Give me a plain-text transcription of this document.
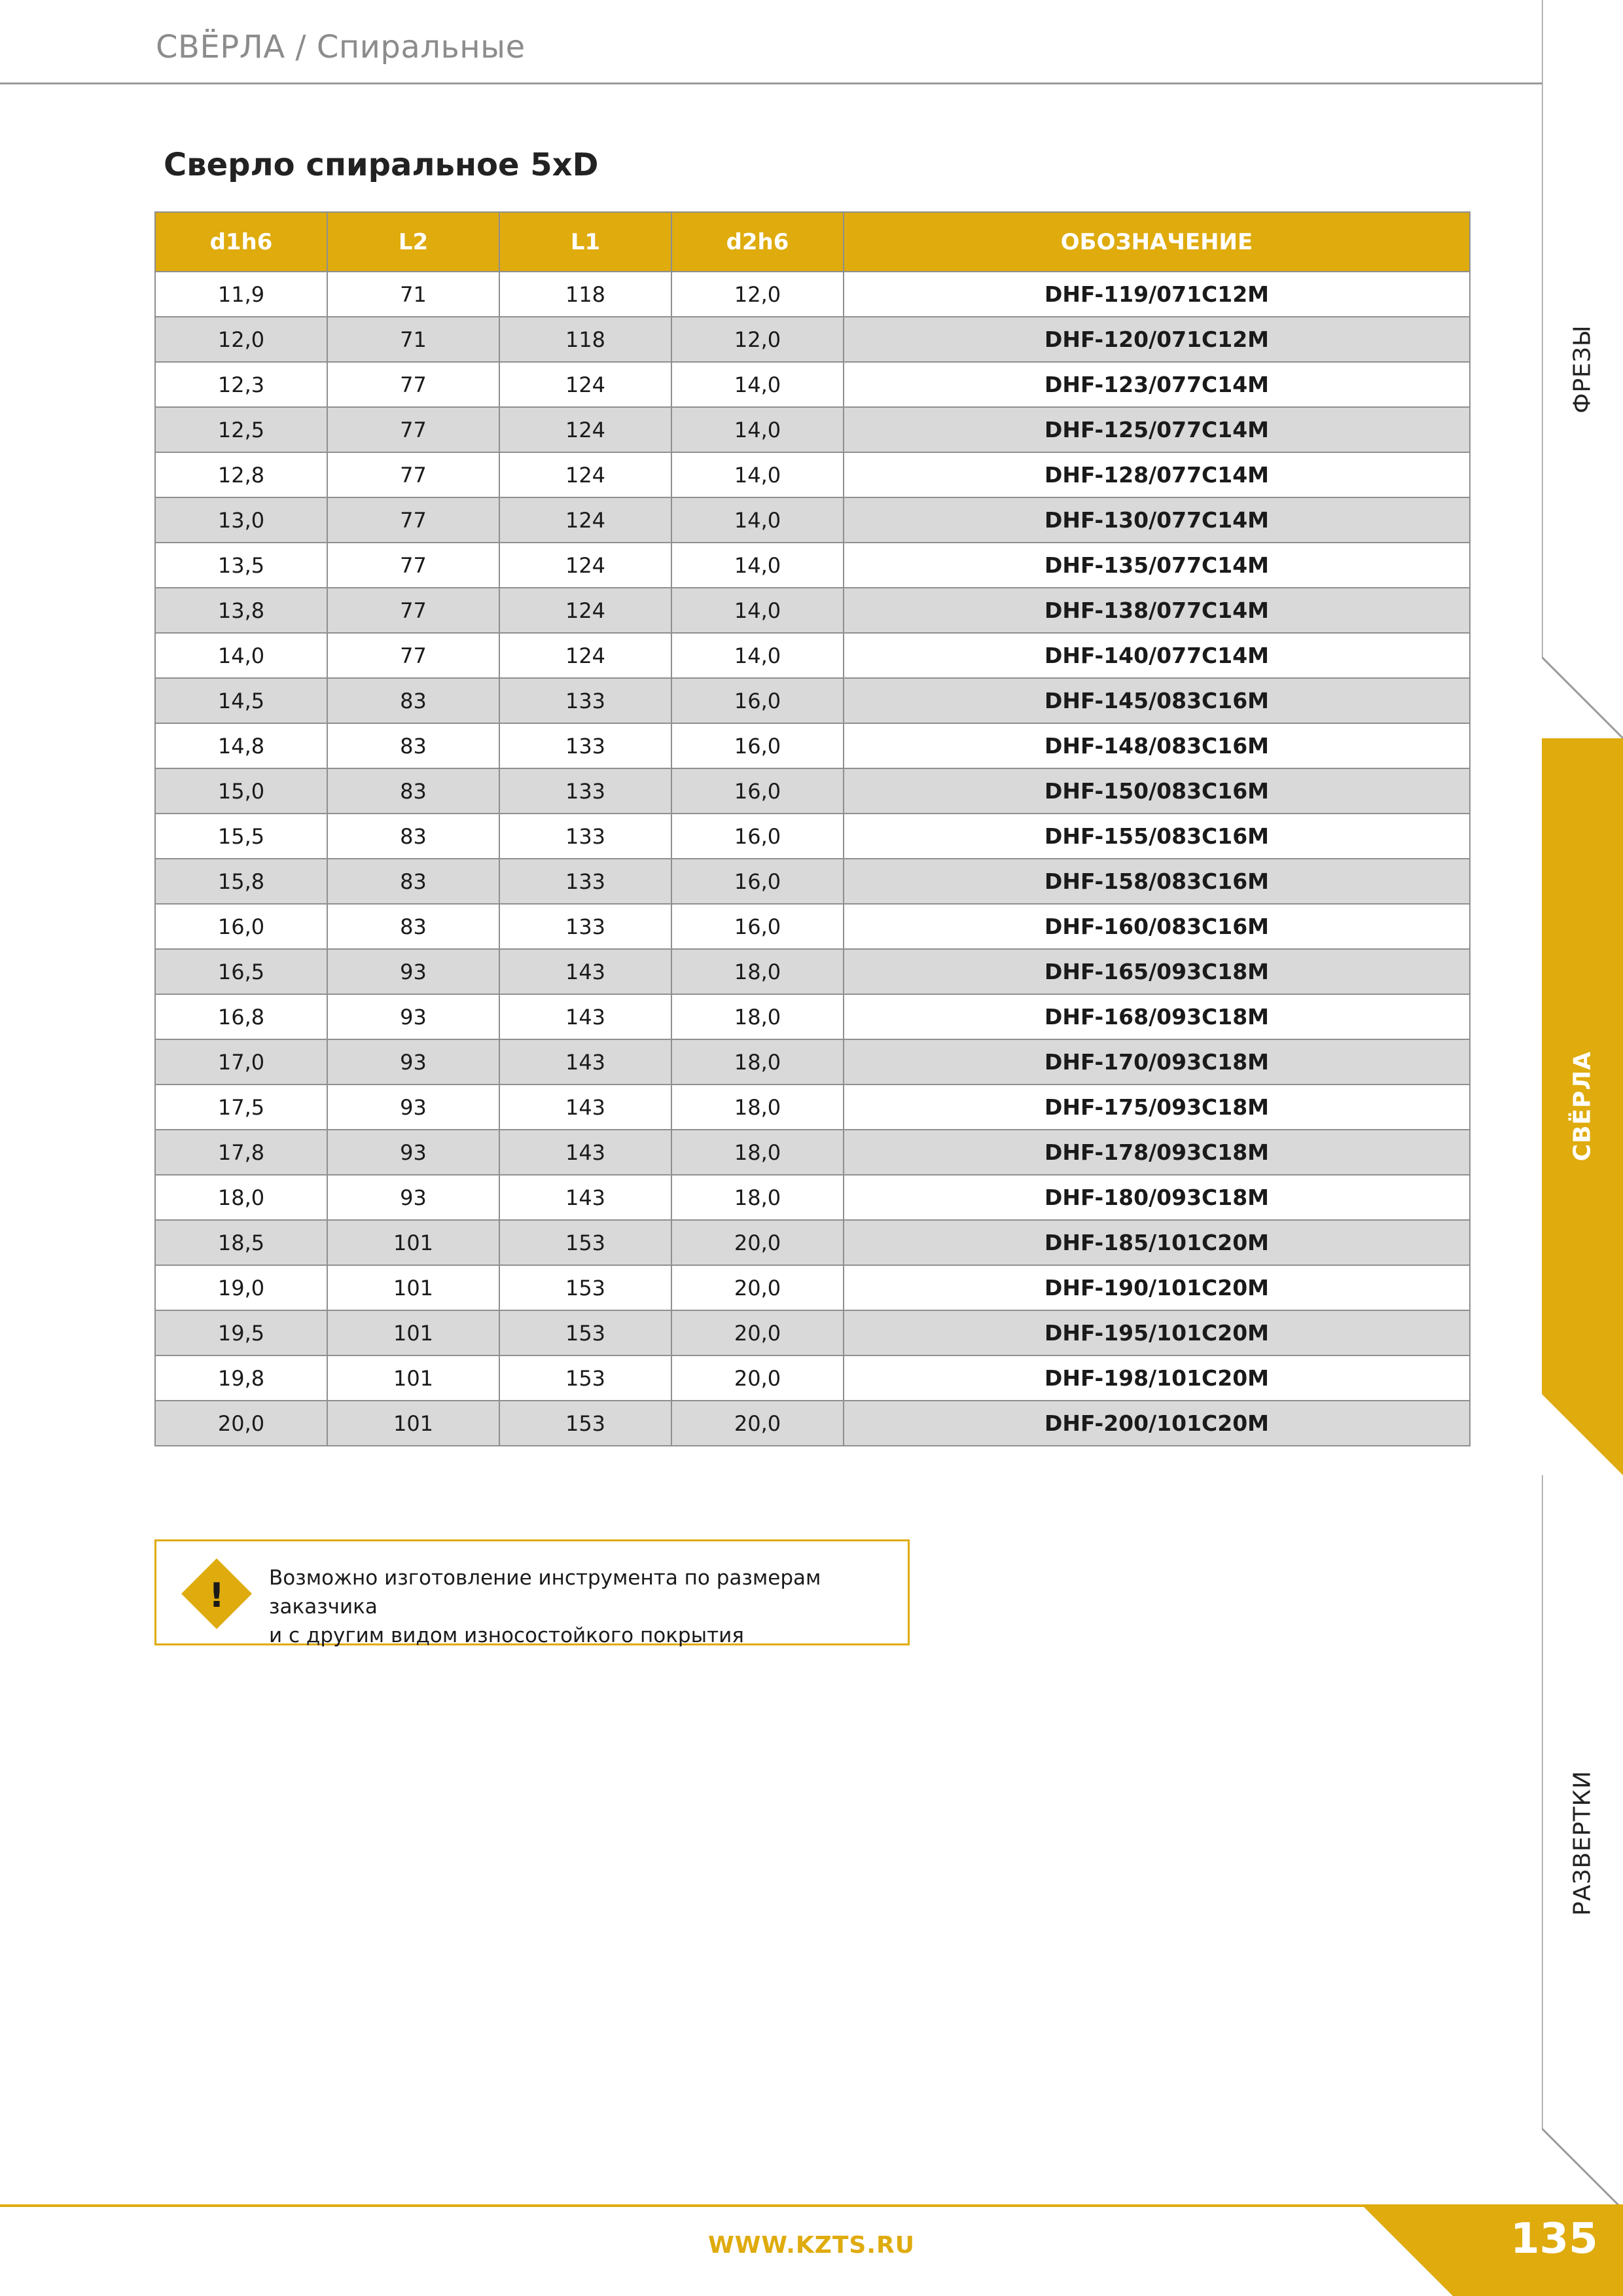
СВЁРЛА / Спиральные
Сверло спиральное 5xD
d1h6	L2	L1	d2h6	ОБОЗНАЧЕНИЕ
11,9	71	118	12,0	DHF-119/071C12M
12,0	71	118	12,0	DHF-120/071C12M
12,3	77	124	14,0	DHF-123/077C14M
12,5	77	124	14,0	DHF-125/077C14M
12,8	77	124	14,0	DHF-128/077C14M
13,0	77	124	14,0	DHF-130/077C14M
13,5	77	124	14,0	DHF-135/077C14M
13,8	77	124	14,0	DHF-138/077C14M
14,0	77	124	14,0	DHF-140/077C14M
14,5	83	133	16,0	DHF-145/083C16M
14,8	83	133	16,0	DHF-148/083C16M
15,0	83	133	16,0	DHF-150/083C16M
15,5	83	133	16,0	DHF-155/083C16M
15,8	83	133	16,0	DHF-158/083C16M
16,0	83	133	16,0	DHF-160/083C16M
16,5	93	143	18,0	DHF-165/093C18M
16,8	93	143	18,0	DHF-168/093C18M
17,0	93	143	18,0	DHF-170/093C18M
17,5	93	143	18,0	DHF-175/093C18M
17,8	93	143	18,0	DHF-178/093C18M
18,0	93	143	18,0	DHF-180/093C18M
18,5	101	153	20,0	DHF-185/101C20M
19,0	101	153	20,0	DHF-190/101C20M
19,5	101	153	20,0	DHF-195/101C20M
19,8	101	153	20,0	DHF-198/101C20M
20,0	101	153	20,0	DHF-200/101C20M
! Возможно изготовление инструмента по размерам заказчика
и с другим видом износостойкого покрытия

ФРЕЗЫ
СВЁРЛА
РАЗВЕРТКИ
WWW.KZTS.RU	135
